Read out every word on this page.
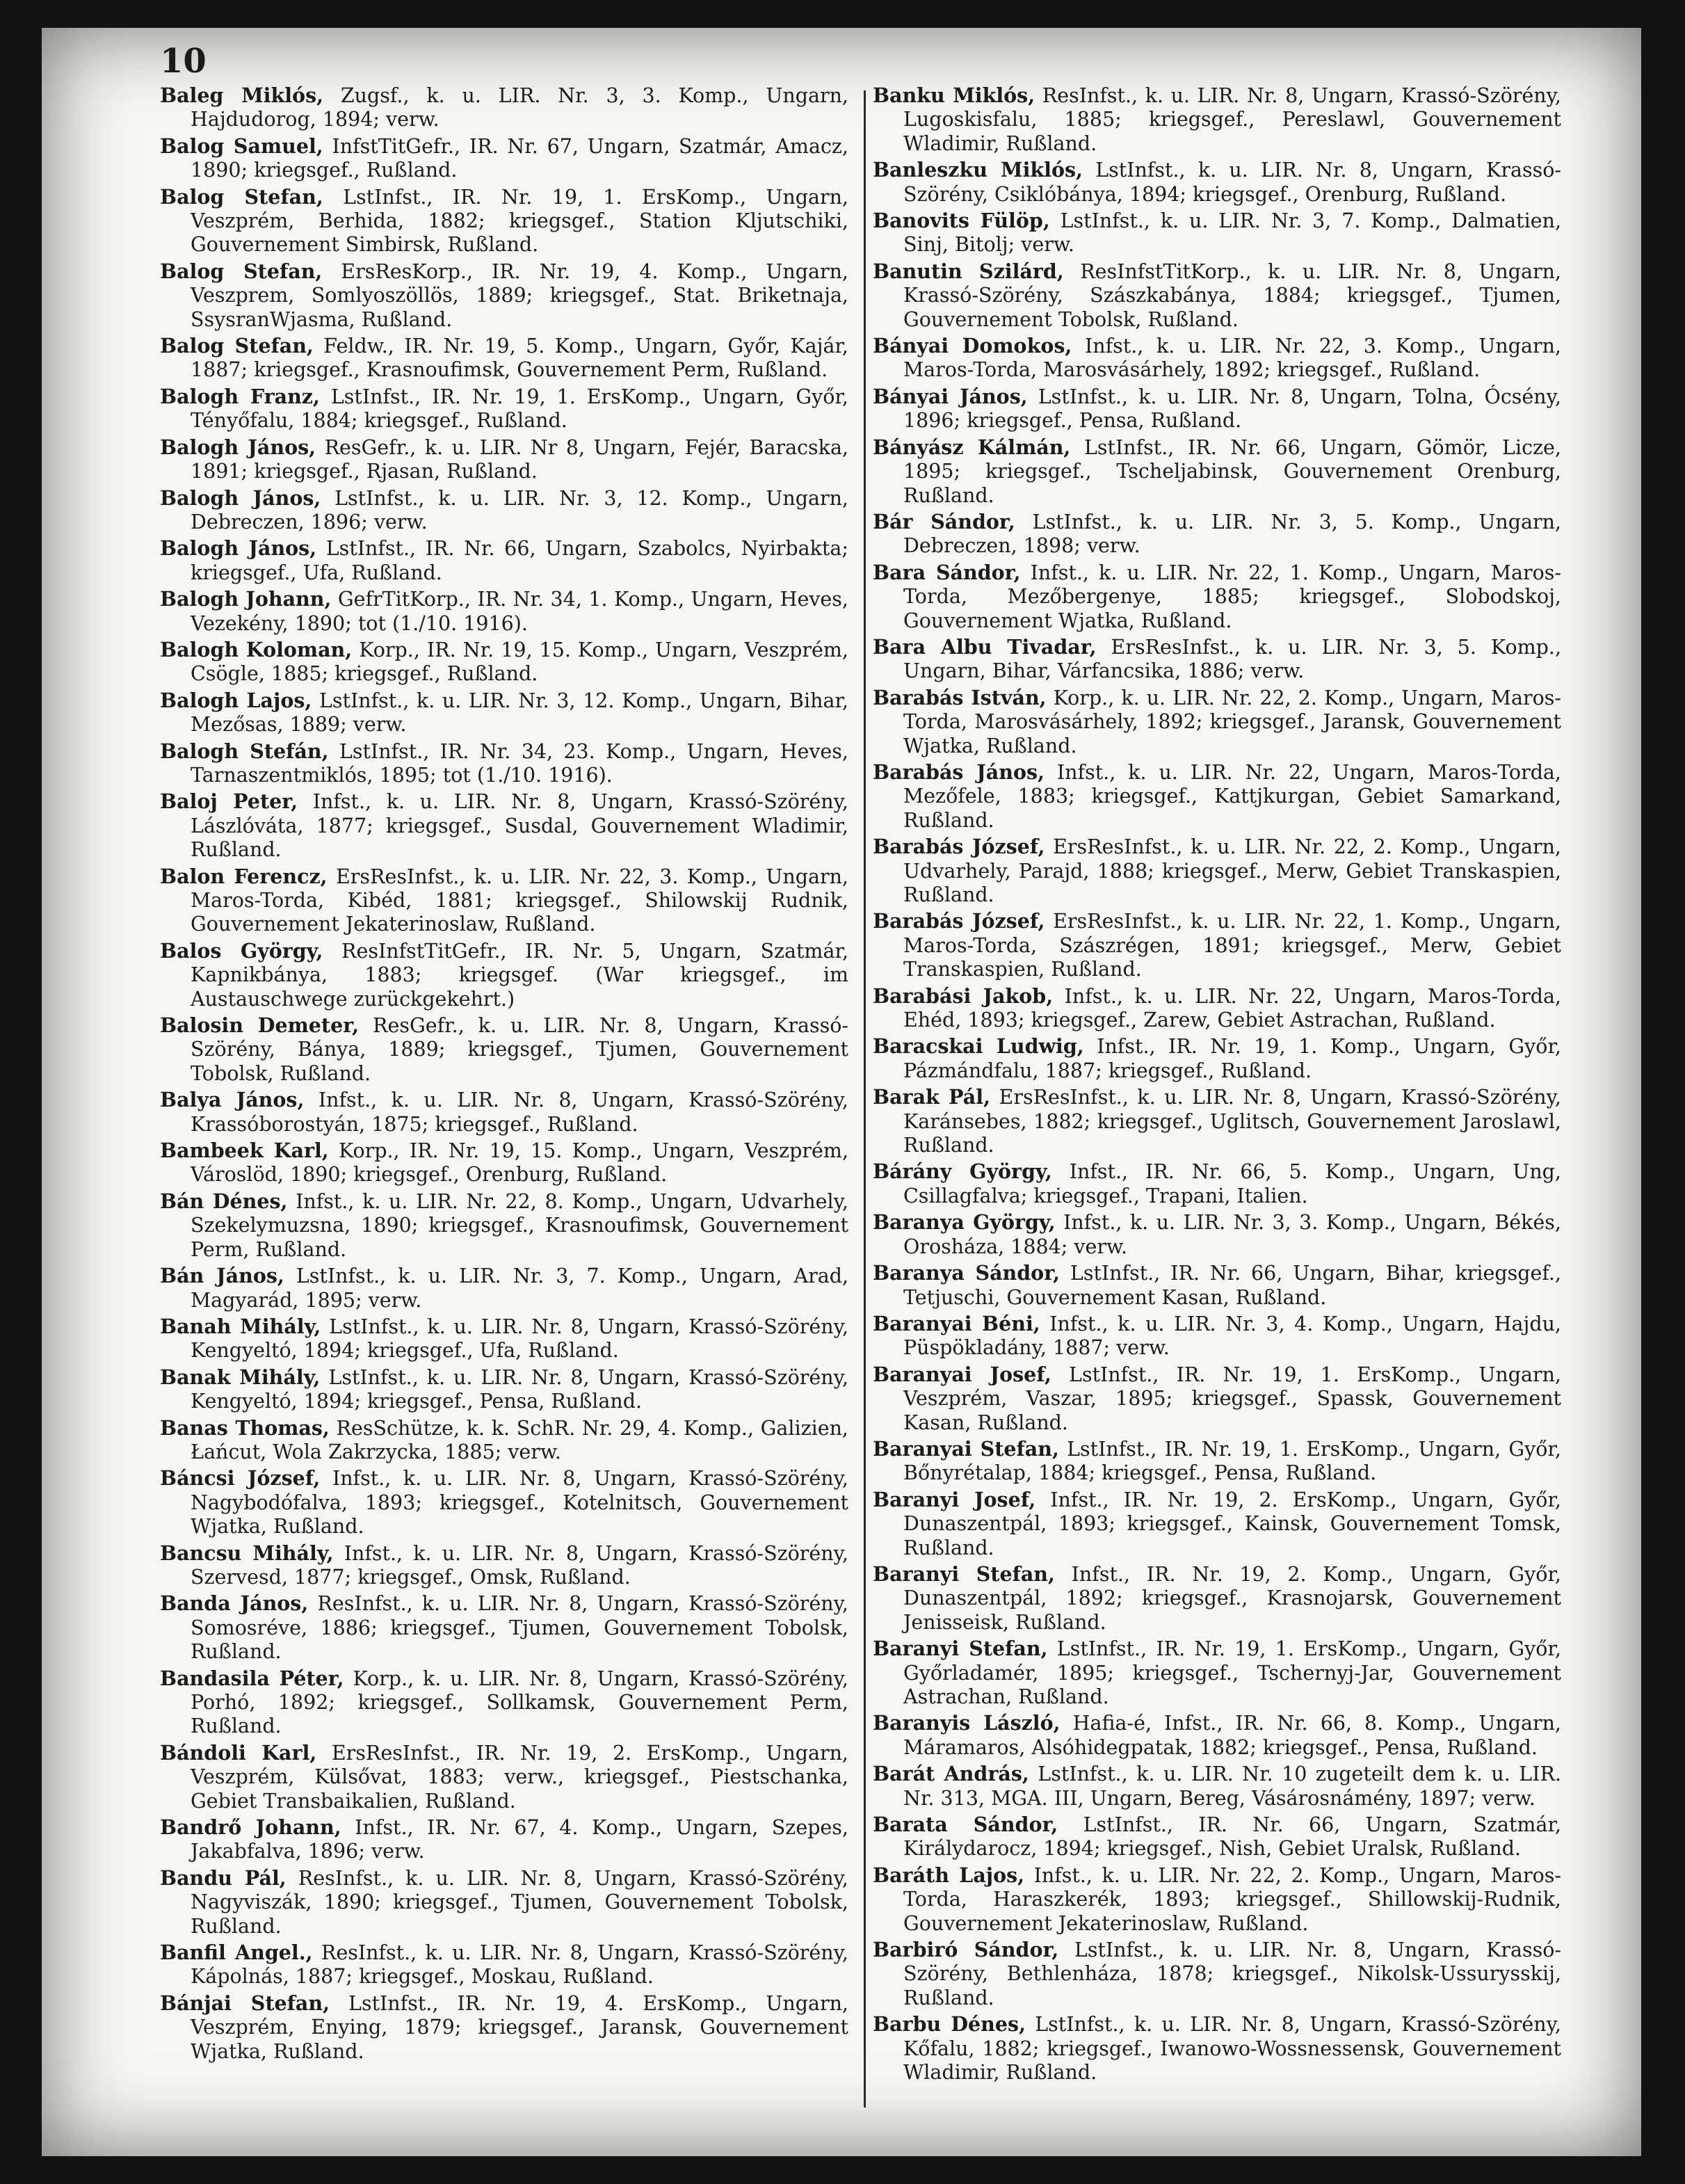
10
Baleg Miklós, Zugsf., k. u. LIR. Nr. 3, 3. Komp., Ungarn, Hajdudorog, 1894; verw.
Balog Samuel, InfstTitGefr., IR. Nr. 67, Ungarn, Szatmár, Amacz, 1890; kriegsgef., Rußland.
Balog Stefan, LstInfst., IR. Nr. 19, 1. ErsKomp., Ungarn, Veszprém, Berhida, 1882; kriegsgef., Station Kljutschiki, Gouvernement Simbirsk, Rußland.
Balog Stefan, ErsResKorp., IR. Nr. 19, 4. Komp., Ungarn, Veszprem, Somlyoszöllös, 1889; kriegsgef., Stat. Briketnaja, SsysranWjasma, Rußland.
Balog Stefan, Feldw., IR. Nr. 19, 5. Komp., Ungarn, Győr, Kajár, 1887; kriegsgef., Krasnoufimsk, Gouvernement Perm, Rußland.
Balogh Franz, LstInfst., IR. Nr. 19, 1. ErsKomp., Ungarn, Győr, Tényőfalu, 1884; kriegsgef., Rußland.
Balogh János, ResGefr., k. u. LIR. Nr 8, Ungarn, Fejér, Baracska, 1891; kriegsgef., Rjasan, Rußland.
Balogh János, LstInfst., k. u. LIR. Nr. 3, 12. Komp., Ungarn, Debreczen, 1896; verw.
Balogh János, LstInfst., IR. Nr. 66, Ungarn, Szabolcs, Nyirbakta; kriegsgef., Ufa, Rußland.
Balogh Johann, GefrTitKorp., IR. Nr. 34, 1. Komp., Ungarn, Heves, Vezekény, 1890; tot (1./10. 1916).
Balogh Koloman, Korp., IR. Nr. 19, 15. Komp., Ungarn, Veszprém, Csögle, 1885; kriegsgef., Rußland.
Balogh Lajos, LstInfst., k. u. LIR. Nr. 3, 12. Komp., Ungarn, Bihar, Mezősas, 1889; verw.
Balogh Stefán, LstInfst., IR. Nr. 34, 23. Komp., Ungarn, Heves, Tarnaszentmiklós, 1895; tot (1./10. 1916).
Baloj Peter, Infst., k. u. LIR. Nr. 8, Ungarn, Krassó-Szörény, Lászlóváta, 1877; kriegsgef., Susdal, Gouvernement Wladimir, Rußland.
Balon Ferencz, ErsResInfst., k. u. LIR. Nr. 22, 3. Komp., Ungarn, Maros-Torda, Kibéd, 1881; kriegsgef., Shilowskij Rudnik, Gouvernement Jekaterinoslaw, Rußland.
Balos György, ResInfstTitGefr., IR. Nr. 5, Ungarn, Szatmár, Kapnikbánya, 1883; kriegsgef. (War kriegsgef., im Austauschwege zurückgekehrt.)
Balosin Demeter, ResGefr., k. u. LIR. Nr. 8, Ungarn, Krassó-Szörény, Bánya, 1889; kriegsgef., Tjumen, Gouvernement Tobolsk, Rußland.
Balya János, Infst., k. u. LIR. Nr. 8, Ungarn, Krassó-Szörény, Krassóborostyán, 1875; kriegsgef., Rußland.
Bambeek Karl, Korp., IR. Nr. 19, 15. Komp., Ungarn, Veszprém, Városlöd, 1890; kriegsgef., Orenburg, Rußland.
Bán Dénes, Infst., k. u. LIR. Nr. 22, 8. Komp., Ungarn, Udvarhely, Szekelymuzsna, 1890; kriegsgef., Krasnoufimsk, Gouvernement Perm, Rußland.
Bán János, LstInfst., k. u. LIR. Nr. 3, 7. Komp., Ungarn, Arad, Magyarád, 1895; verw.
Banah Mihály, LstInfst., k. u. LIR. Nr. 8, Ungarn, Krassó-Szörény, Kengyeltó, 1894; kriegsgef., Ufa, Rußland.
Banak Mihály, LstInfst., k. u. LIR. Nr. 8, Ungarn, Krassó-Szörény, Kengyeltó, 1894; kriegsgef., Pensa, Rußland.
Banas Thomas, ResSchütze, k. k. SchR. Nr. 29, 4. Komp., Galizien, Łańcut, Wola Zakrzycka, 1885; verw.
Báncsi József, Infst., k. u. LIR. Nr. 8, Ungarn, Krassó-Szörény, Nagybodófalva, 1893; kriegsgef., Kotelnitsch, Gouvernement Wjatka, Rußland.
Bancsu Mihály, Infst., k. u. LIR. Nr. 8, Ungarn, Krassó-Szörény, Szervesd, 1877; kriegsgef., Omsk, Rußland.
Banda János, ResInfst., k. u. LIR. Nr. 8, Ungarn, Krassó-Szörény, Somosréve, 1886; kriegsgef., Tjumen, Gouvernement Tobolsk, Rußland.
Bandasila Péter, Korp., k. u. LIR. Nr. 8, Ungarn, Krassó-Szörény, Porhó, 1892; kriegsgef., Sollkamsk, Gouvernement Perm, Rußland.
Bándoli Karl, ErsResInfst., IR. Nr. 19, 2. ErsKomp., Ungarn, Veszprém, Külsővat, 1883; verw., kriegsgef., Piestschanka, Gebiet Transbaikalien, Rußland.
Bandrő Johann, Infst., IR. Nr. 67, 4. Komp., Ungarn, Szepes, Jakabfalva, 1896; verw.
Bandu Pál, ResInfst., k. u. LIR. Nr. 8, Ungarn, Krassó-Szörény, Nagyviszák, 1890; kriegsgef., Tjumen, Gouvernement Tobolsk, Rußland.
Banfil Angel., ResInfst., k. u. LIR. Nr. 8, Ungarn, Krassó-Szörény, Kápolnás, 1887; kriegsgef., Moskau, Rußland.
Bánjai Stefan, LstInfst., IR. Nr. 19, 4. ErsKomp., Ungarn, Veszprém, Enying, 1879; kriegsgef., Jaransk, Gouvernement Wjatka, Rußland.
Banku Miklós, ResInfst., k. u. LIR. Nr. 8, Ungarn, Krassó-Szörény, Lugoskisfalu, 1885; kriegsgef., Pereslawl, Gouvernement Wladimir, Rußland.
Banleszku Miklós, LstInfst., k. u. LIR. Nr. 8, Ungarn, Krassó-Szörény, Csiklóbánya, 1894; kriegsgef., Orenburg, Rußland.
Banovits Fülöp, LstInfst., k. u. LIR. Nr. 3, 7. Komp., Dalmatien, Sinj, Bitolj; verw.
Banutin Szilárd, ResInfstTitKorp., k. u. LIR. Nr. 8, Ungarn, Krassó-Szörény, Szászkabánya, 1884; kriegsgef., Tjumen, Gouvernement Tobolsk, Rußland.
Bányai Domokos, Infst., k. u. LIR. Nr. 22, 3. Komp., Ungarn, Maros-Torda, Marosvásárhely, 1892; kriegsgef., Rußland.
Bányai János, LstInfst., k. u. LIR. Nr. 8, Ungarn, Tolna, Ócsény, 1896; kriegsgef., Pensa, Rußland.
Bányász Kálmán, LstInfst., IR. Nr. 66, Ungarn, Gömör, Licze, 1895; kriegsgef., Tscheljabinsk, Gouvernement Orenburg, Rußland.
Bár Sándor, LstInfst., k. u. LIR. Nr. 3, 5. Komp., Ungarn, Debreczen, 1898; verw.
Bara Sándor, Infst., k. u. LIR. Nr. 22, 1. Komp., Ungarn, Maros-Torda, Mezőbergenye, 1885; kriegsgef., Slobodskoj, Gouvernement Wjatka, Rußland.
Bara Albu Tivadar, ErsResInfst., k. u. LIR. Nr. 3, 5. Komp., Ungarn, Bihar, Várfancsika, 1886; verw.
Barabás István, Korp., k. u. LIR. Nr. 22, 2. Komp., Ungarn, Maros-Torda, Marosvásárhely, 1892; kriegsgef., Jaransk, Gouvernement Wjatka, Rußland.
Barabás János, Infst., k. u. LIR. Nr. 22, Ungarn, Maros-Torda, Mezőfele, 1883; kriegsgef., Kattjkurgan, Gebiet Samarkand, Rußland.
Barabás József, ErsResInfst., k. u. LIR. Nr. 22, 2. Komp., Ungarn, Udvarhely, Parajd, 1888; kriegsgef., Merw, Gebiet Transkaspien, Rußland.
Barabás József, ErsResInfst., k. u. LIR. Nr. 22, 1. Komp., Ungarn, Maros-Torda, Szászrégen, 1891; kriegsgef., Merw, Gebiet Transkaspien, Rußland.
Barabási Jakob, Infst., k. u. LIR. Nr. 22, Ungarn, Maros-Torda, Ehéd, 1893; kriegsgef., Zarew, Gebiet Astrachan, Rußland.
Baracskai Ludwig, Infst., IR. Nr. 19, 1. Komp., Ungarn, Győr, Pázmándfalu, 1887; kriegsgef., Rußland.
Barak Pál, ErsResInfst., k. u. LIR. Nr. 8, Ungarn, Krassó-Szörény, Karánsebes, 1882; kriegsgef., Uglitsch, Gouvernement Jaroslawl, Rußland.
Bárány György, Infst., IR. Nr. 66, 5. Komp., Ungarn, Ung, Csillagfalva; kriegsgef., Trapani, Italien.
Baranya György, Infst., k. u. LIR. Nr. 3, 3. Komp., Ungarn, Békés, Orosháza, 1884; verw.
Baranya Sándor, LstInfst., IR. Nr. 66, Ungarn, Bihar, kriegsgef., Tetjuschi, Gouvernement Kasan, Rußland.
Baranyai Béni, Infst., k. u. LIR. Nr. 3, 4. Komp., Ungarn, Hajdu, Püspökladány, 1887; verw.
Baranyai Josef, LstInfst., IR. Nr. 19, 1. ErsKomp., Ungarn, Veszprém, Vaszar, 1895; kriegsgef., Spassk, Gouvernement Kasan, Rußland.
Baranyai Stefan, LstInfst., IR. Nr. 19, 1. ErsKomp., Ungarn, Győr, Bőnyrétalap, 1884; kriegsgef., Pensa, Rußland.
Baranyi Josef, Infst., IR. Nr. 19, 2. ErsKomp., Ungarn, Győr, Dunaszentpál, 1893; kriegsgef., Kainsk, Gouvernement Tomsk, Rußland.
Baranyi Stefan, Infst., IR. Nr. 19, 2. Komp., Ungarn, Győr, Dunaszentpál, 1892; kriegsgef., Krasnojarsk, Gouvernement Jenisseisk, Rußland.
Baranyi Stefan, LstInfst., IR. Nr. 19, 1. ErsKomp., Ungarn, Győr, Győrladamér, 1895; kriegsgef., Tschernyj-Jar, Gouvernement Astrachan, Rußland.
Baranyis László, Hafia-é, Infst., IR. Nr. 66, 8. Komp., Ungarn, Máramaros, Alsóhidegpatak, 1882; kriegsgef., Pensa, Rußland.
Barát András, LstInfst., k. u. LIR. Nr. 10 zugeteilt dem k. u. LIR. Nr. 313, MGA. III, Ungarn, Bereg, Vásárosnámény, 1897; verw.
Barata Sándor, LstInfst., IR. Nr. 66, Ungarn, Szatmár, Királydarocz, 1894; kriegsgef., Nish, Gebiet Uralsk, Rußland.
Baráth Lajos, Infst., k. u. LIR. Nr. 22, 2. Komp., Ungarn, Maros-Torda, Haraszkerék, 1893; kriegsgef., Shillowskij-Rudnik, Gouvernement Jekaterinoslaw, Rußland.
Barbiró Sándor, LstInfst., k. u. LIR. Nr. 8, Ungarn, Krassó-Szörény, Bethlenháza, 1878; kriegsgef., Nikolsk-Ussurysskij, Rußland.
Barbu Dénes, LstInfst., k. u. LIR. Nr. 8, Ungarn, Krassó-Szörény, Kőfalu, 1882; kriegsgef., Iwanowo-Wossnessensk, Gouvernement Wladimir, Rußland.
